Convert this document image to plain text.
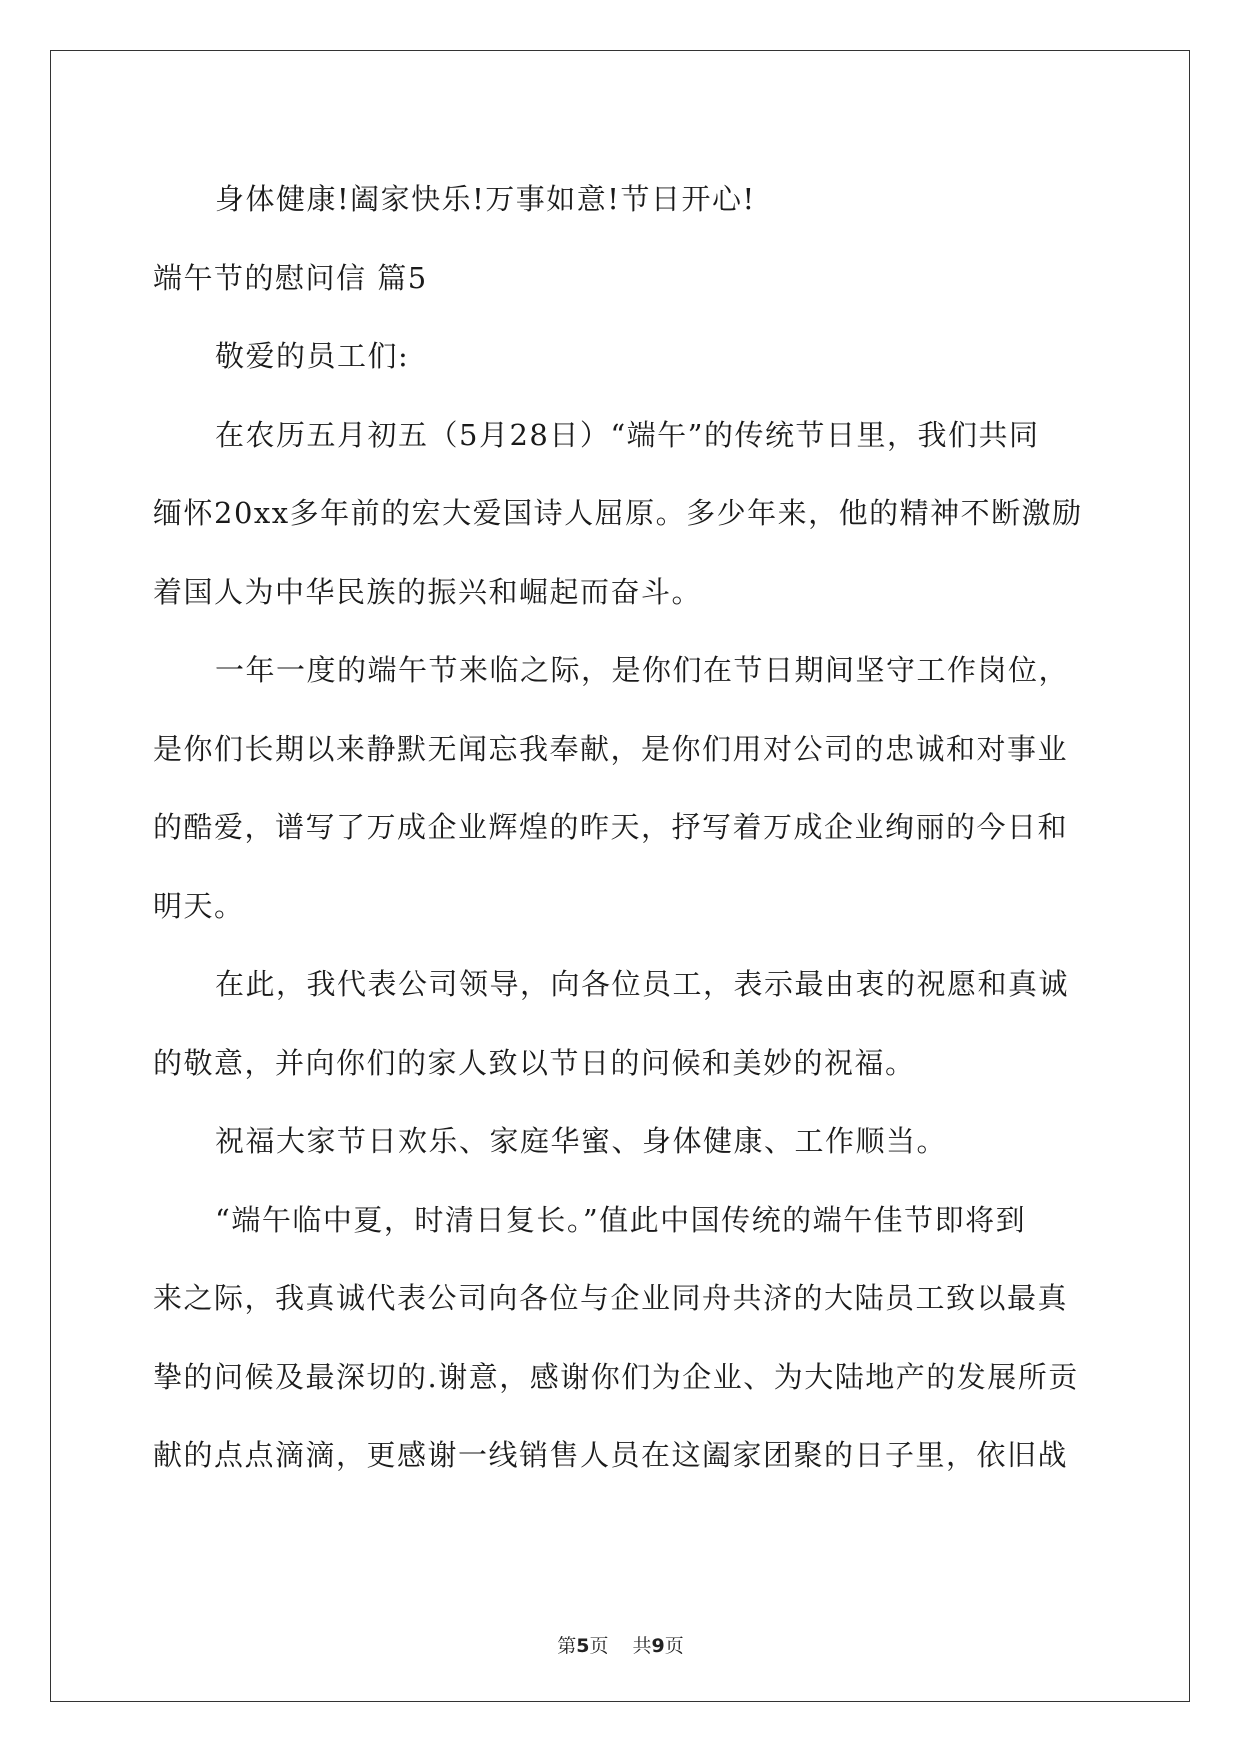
身体健康!阖家快乐!万事如意!节日开心!

端午节的慰问信 篇5

敬爱的员工们:

在农历五月初五（5月28日）“端午”的传统节日里，我们共同

缅怀20xx多年前的宏大爱国诗人屈原。多少年来，他的精神不断激励

着国人为中华民族的振兴和崛起而奋斗。

一年一度的端午节来临之际，是你们在节日期间坚守工作岗位，

是你们长期以来静默无闻忘我奉献，是你们用对公司的忠诚和对事业

的酷爱，谱写了万成企业辉煌的昨天，抒写着万成企业绚丽的今日和

明天。

在此，我代表公司领导，向各位员工，表示最由衷的祝愿和真诚

的敬意，并向你们的家人致以节日的问候和美妙的祝福。

祝福大家节日欢乐、家庭华蜜、身体健康、工作顺当。

“端午临中夏，时清日复长。”值此中国传统的端午佳节即将到

来之际，我真诚代表公司向各位与企业同舟共济的大陆员工致以最真

挚的问候及最深切的.谢意，感谢你们为企业、为大陆地产的发展所贡

献的点点滴滴，更感谢一线销售人员在这阖家团聚的日子里，依旧战

第5页 共9页
